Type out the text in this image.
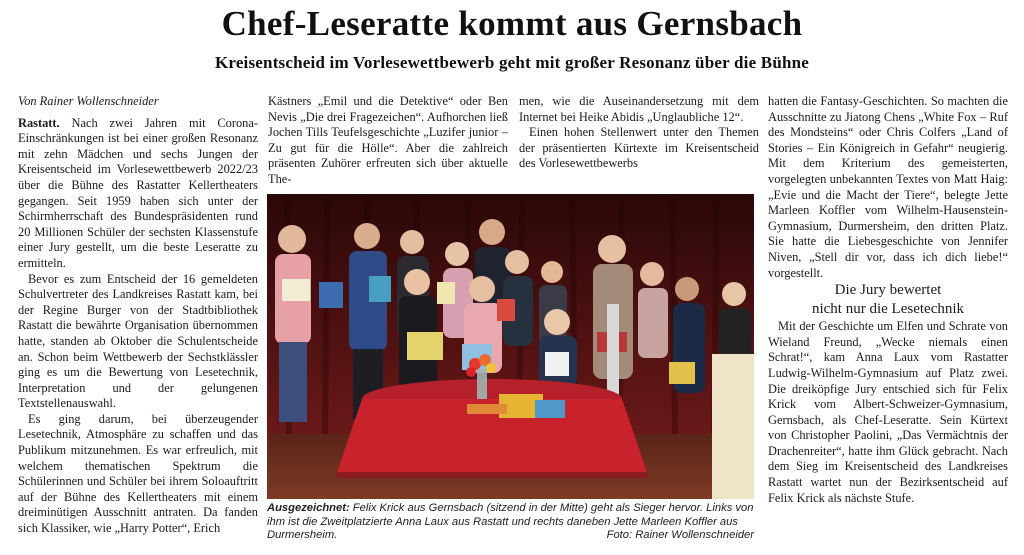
Chef-Leseratte kommt aus Gernsbach
Kreisentscheid im Vorlesewettbewerb geht mit großer Resonanz über die Bühne

Von Rainer Wollenschneider

Rastatt. Nach zwei Jahren mit Corona-Einschränkungen ist bei einer großen Resonanz mit zehn Mädchen und sechs Jungen der Kreisentscheid im Vorlesewettbewerb 2022/23 über die Bühne des Rastatter Kellertheaters gegangen. Seit 1959 haben sich unter der Schirmherrschaft des Bundespräsidenten rund 20 Millionen Schüler der sechsten Klassenstufe einer Jury gestellt, um die beste Leseratte zu ermitteln.

Bevor es zum Entscheid der 16 gemeldeten Schulvertreter des Landkreises Rastatt kam, bei der Regine Burger von der Stadtbibliothek Rastatt die bewährte Organisation übernommen hatte, standen ab Oktober die Schulentscheide an. Schon beim Wettbewerb der Sechstklässler ging es um die Bewertung von Lesetechnik, Interpretation und der gelungenen Textstellenauswahl.

Es ging darum, bei überzeugender Lesetechnik, Atmosphäre zu schaffen und das Publikum mitzunehmen. Es war erfreulich, mit welchem thematischen Spektrum die Schülerinnen und Schüler bei ihrem Soloauftritt auf der Bühne des Kellertheaters mit einem dreiminütigen Ausschnitt antraten. Da fanden sich Klassiker, wie „Harry Potter“, Erich

Kästners „Emil und die Detektive“ oder Ben Nevis „Die drei Fragezeichen“. Aufhorchen ließ Jochen Tills Teufelsgeschichte „Luzifer junior – Zu gut für die Hölle“. Aber die zahlreich präsenten Zuhörer erfreuten sich über aktuelle The-

men, wie die Auseinandersetzung mit dem Internet bei Heike Abidis „Unglaubliche 12“.

Einen hohen Stellenwert unter den Themen der präsentierten Kürtexte im Kreisentscheid des Vorlesewettbewerbs

hatten die Fantasy-Geschichten. So machten die Ausschnitte zu Jiatong Chens „White Fox – Ruf des Mondsteins“ oder Chris Colfers „Land of Stories – Ein Königreich in Gefahr“ neugierig. Mit dem Kriterium des gemeisterten, vorgelegten unbekannten Textes von Matt Haig: „Evie und die Macht der Tiere“, belegte Jette Marleen Koffler vom Wilhelm-Hausenstein-Gymnasium, Durmersheim, den dritten Platz. Sie hatte die Liebesgeschichte von Jennifer Niven, „Stell dir vor, dass ich dich liebe!“ vorgestellt.

Die Jury bewertet
nicht nur die Lesetechnik

Mit der Geschichte um Elfen und Schrate von Wieland Freund, „Wecke niemals einen Schrat!“, kam Anna Laux vom Rastatter Ludwig-Wilhelm-Gymnasium auf Platz zwei. Die dreiköpfige Jury entschied sich für Felix Krick vom Albert-Schweizer-Gymnasium, Gernsbach, als Chef-Leseratte. Sein Kürtext von Christopher Paolini, „Das Vermächtnis der Drachenreiter“, hatte ihm Glück gebracht. Nach dem Sieg im Kreisentscheid des Landkreises Rastatt wartet nun der Bezirksentscheid auf Felix Krick als nächste Stufe.

Ausgezeichnet: Felix Krick aus Gernsbach (sitzend in der Mitte) geht als Sieger hervor. Links von ihm ist die Zweitplatzierte Anna Laux aus Rastatt und rechts daneben Jette Marleen Koffler aus Durmersheim.	Foto: Rainer Wollenschneider
